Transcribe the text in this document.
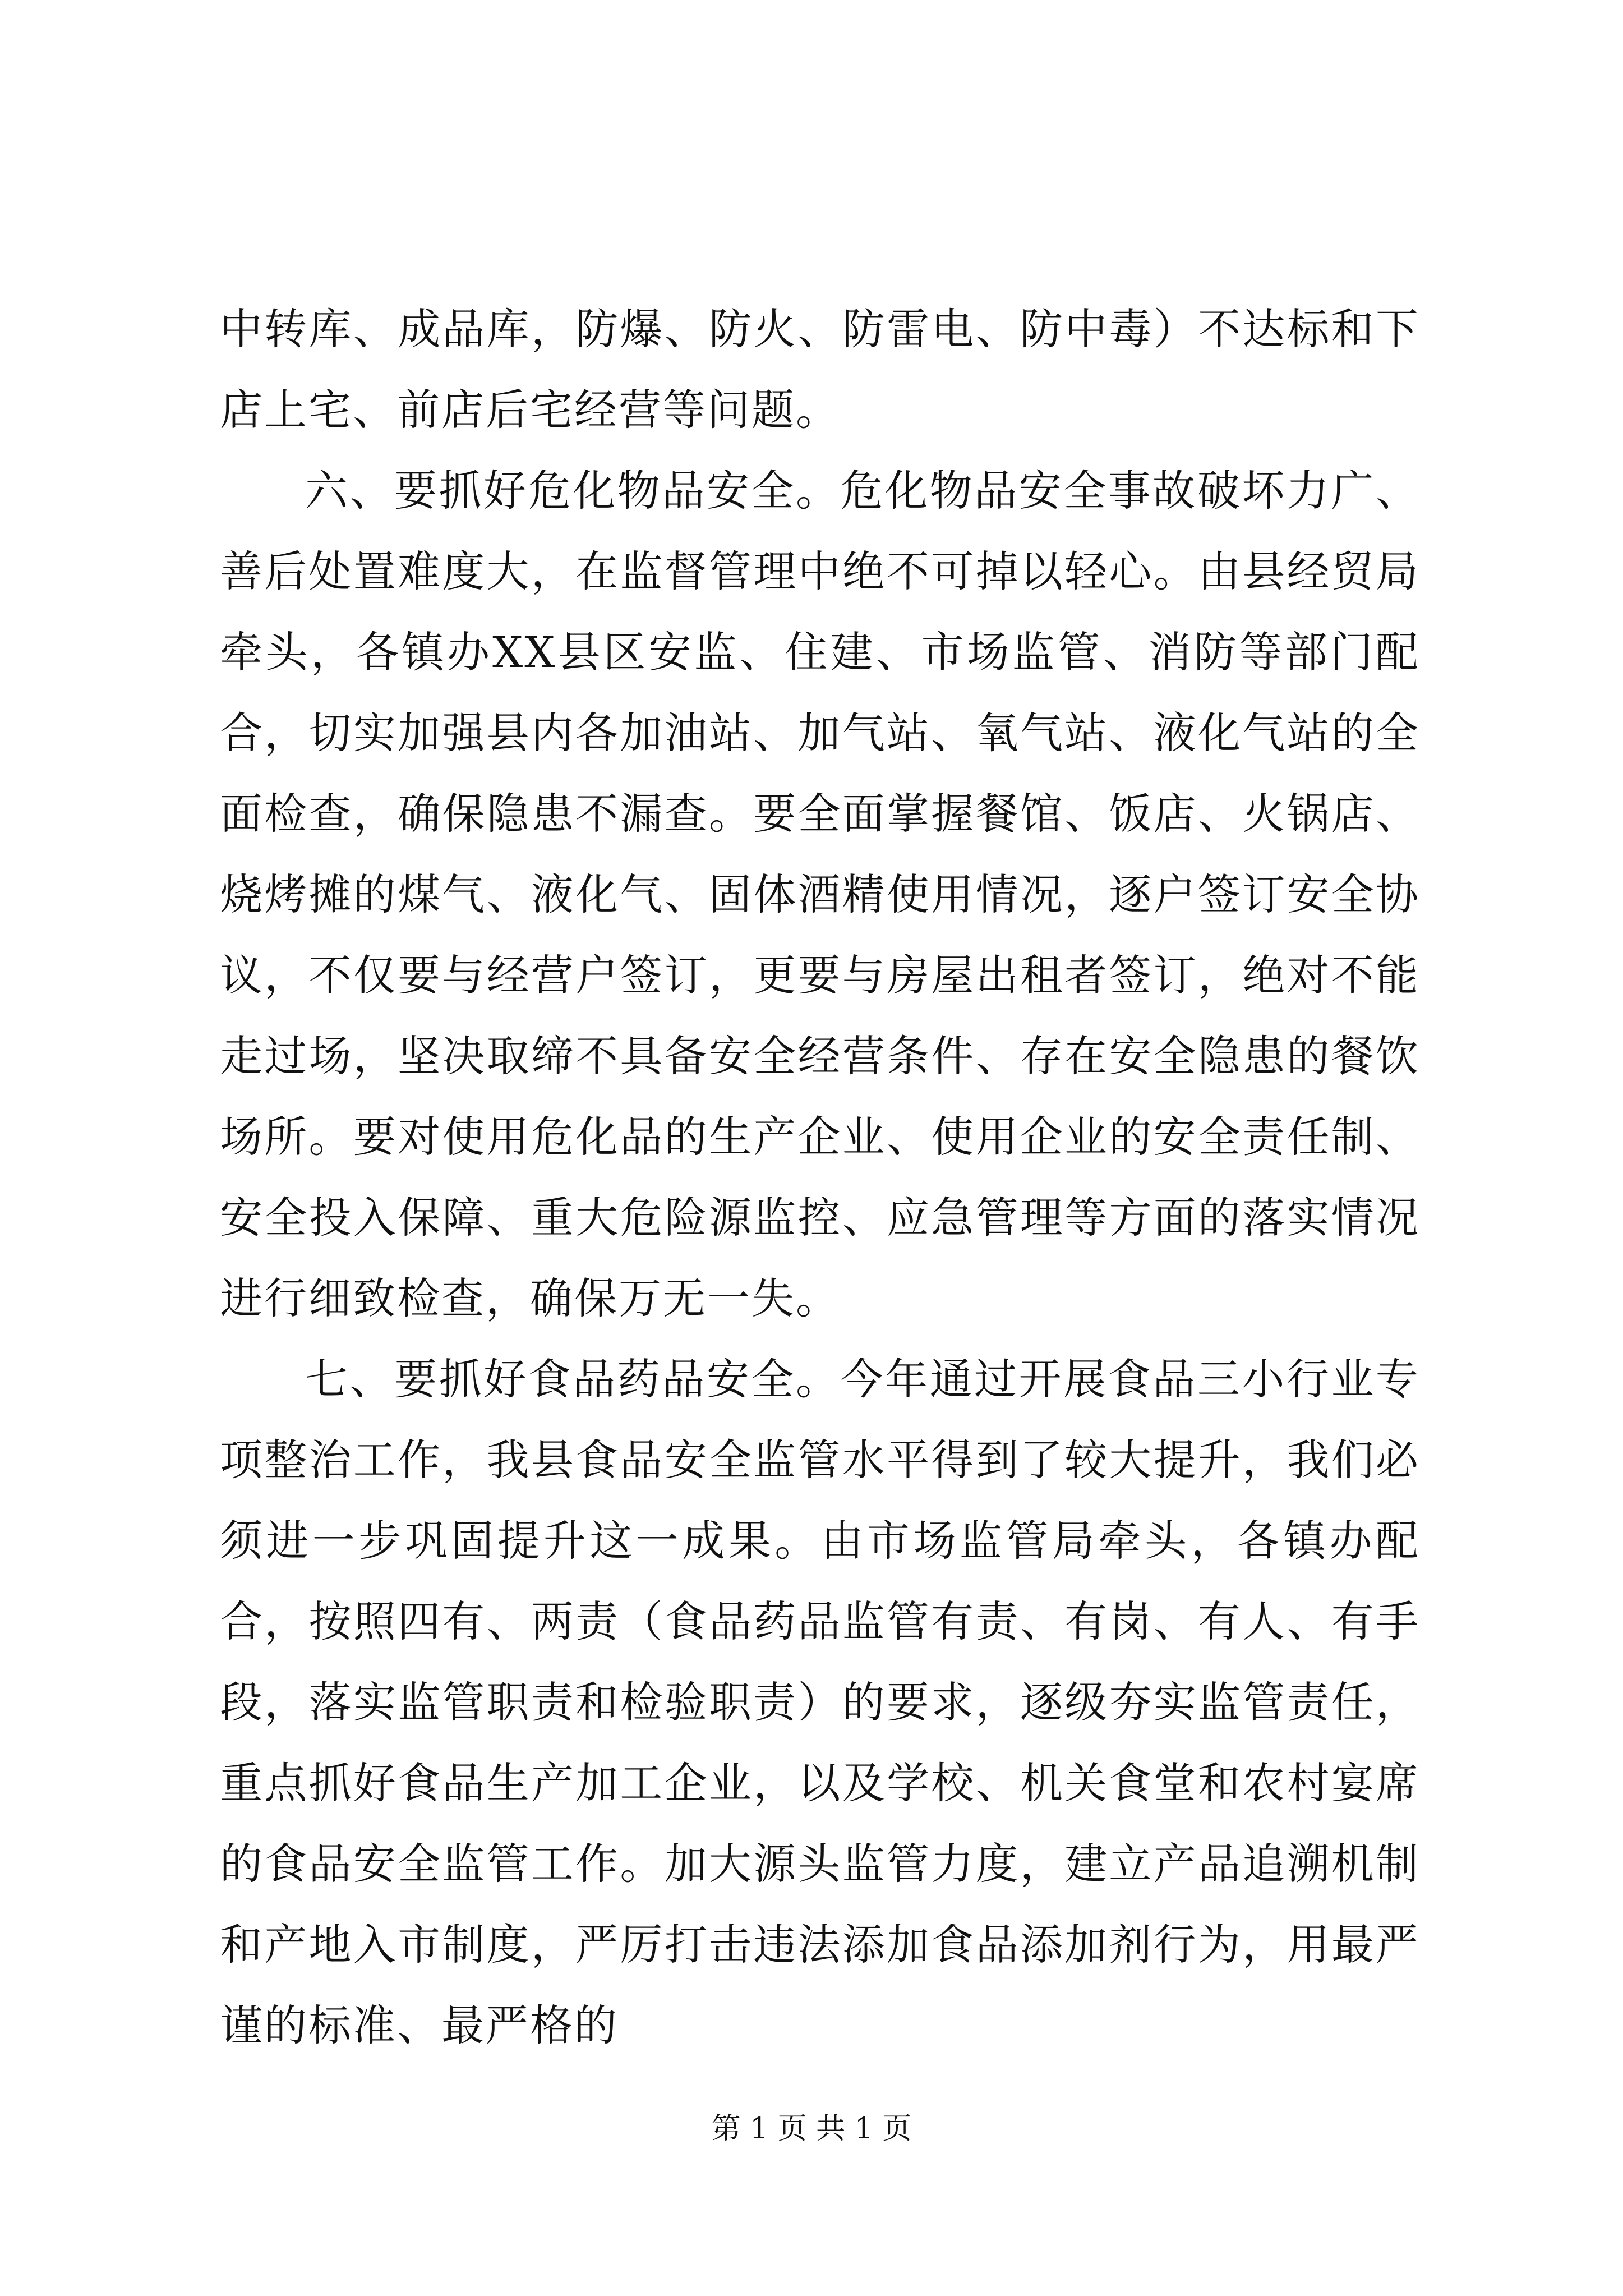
中转库、成品库，防爆、防火、防雷电、防中毒）不达标和下店上宅、前店后宅经营等问题。

六、要抓好危化物品安全。危化物品安全事故破坏力广、善后处置难度大，在监督管理中绝不可掉以轻心。由县经贸局牵头，各镇办XX县区安监、住建、市场监管、消防等部门配合，切实加强县内各加油站、加气站、氧气站、液化气站的全面检查，确保隐患不漏查。要全面掌握餐馆、饭店、火锅店、烧烤摊的煤气、液化气、固体酒精使用情况，逐户签订安全协议，不仅要与经营户签订，更要与房屋出租者签订，绝对不能走过场，坚决取缔不具备安全经营条件、存在安全隐患的餐饮场所。要对使用危化品的生产企业、使用企业的安全责任制、安全投入保障、重大危险源监控、应急管理等方面的落实情况进行细致检查，确保万无一失。

七、要抓好食品药品安全。今年通过开展食品三小行业专项整治工作，我县食品安全监管水平得到了较大提升，我们必须进一步巩固提升这一成果。由市场监管局牵头，各镇办配合，按照四有、两责（食品药品监管有责、有岗、有人、有手段，落实监管职责和检验职责）的要求，逐级夯实监管责任，重点抓好食品生产加工企业，以及学校、机关食堂和农村宴席的食品安全监管工作。加大源头监管力度，建立产品追溯机制和产地入市制度，严厉打击违法添加食品添加剂行为，用最严谨的标准、最严格的

第 1 页 共 1 页
